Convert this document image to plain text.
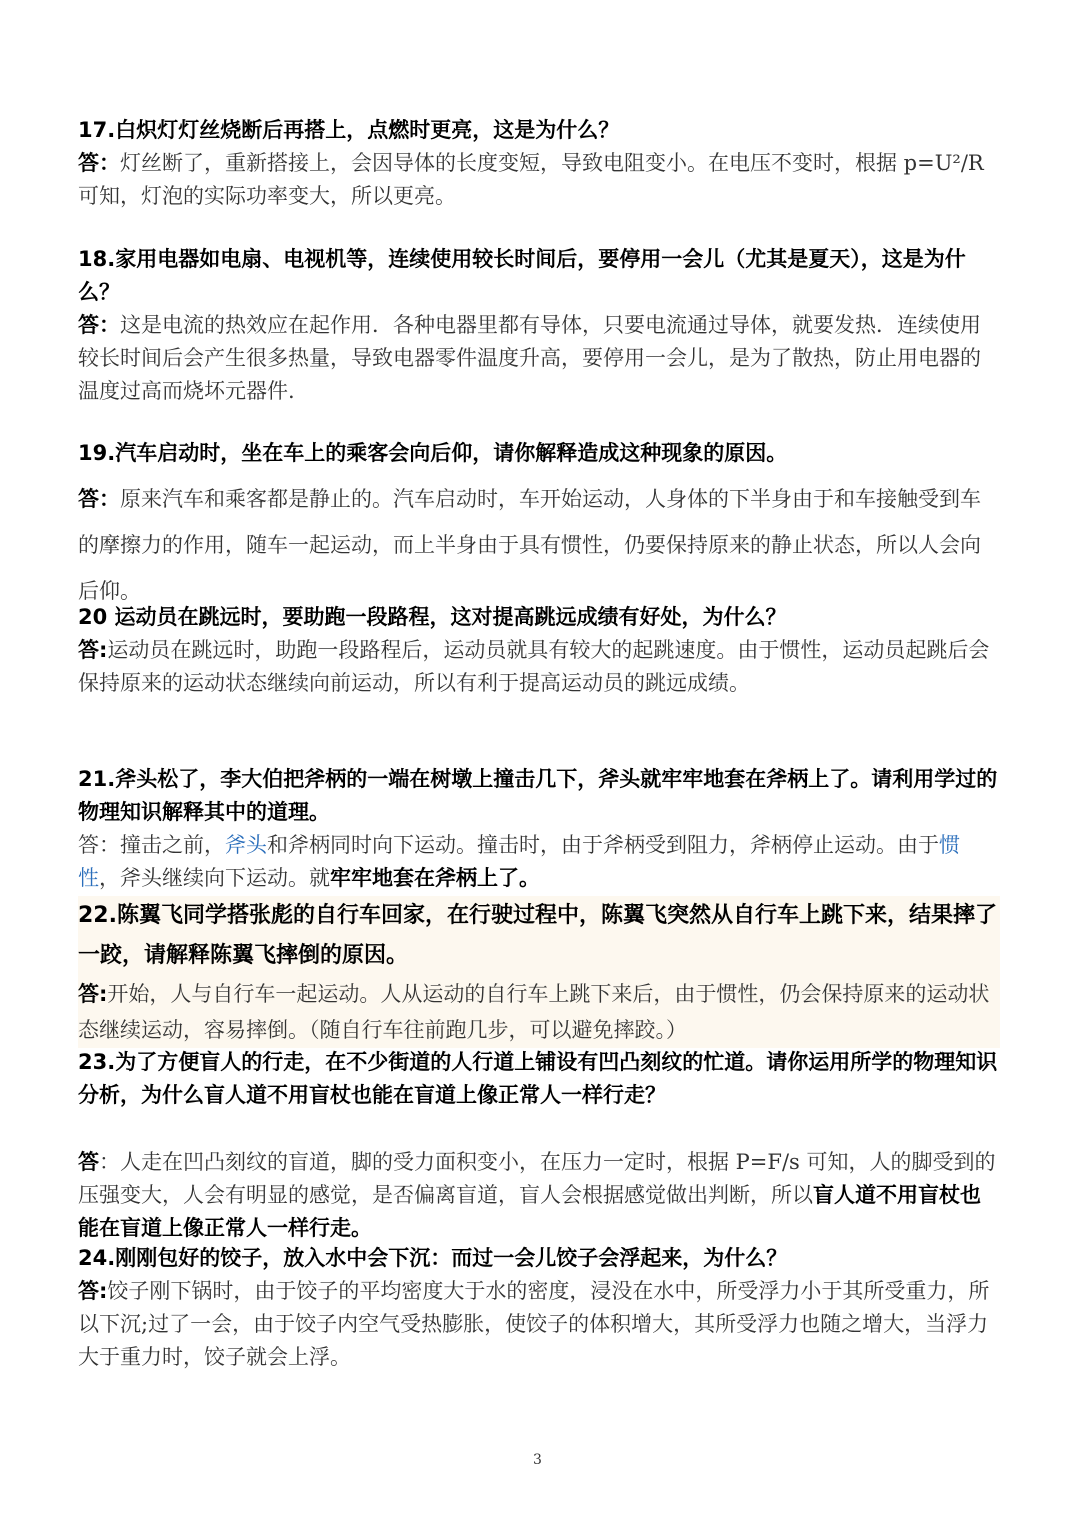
17.白炽灯灯丝烧断后再搭上，点燃时更亮，这是为什么？

答：灯丝断了，重新搭接上，会因导体的长度变短，导致电阻变小。在电压不变时，根据 p=U²/R 可知，灯泡的实际功率变大，所以更亮。

18.家用电器如电扇、电视机等，连续使用较长时间后，要停用一会儿（尤其是夏天），这是为什么？

答：这是电流的热效应在起作用．各种电器里都有导体，只要电流通过导体，就要发热．连续使用较长时间后会产生很多热量，导致电器零件温度升高，要停用一会儿，是为了散热，防止用电器的温度过高而烧坏元器件.

19.汽车启动时，坐在车上的乘客会向后仰，请你解释造成这种现象的原因。

答：原来汽车和乘客都是静止的。汽车启动时，车开始运动，人身体的下半身由于和车接触受到车的摩擦力的作用，随车一起运动，而上半身由于具有惯性，仍要保持原来的静止状态，所以人会向后仰。

20 运动员在跳远时，要助跑一段路程，这对提高跳远成绩有好处，为什么？

答:运动员在跳远时，助跑一段路程后，运动员就具有较大的起跳速度。由于惯性，运动员起跳后会保持原来的运动状态继续向前运动，所以有利于提高运动员的跳远成绩。

21.斧头松了，李大伯把斧柄的一端在树墩上撞击几下，斧头就牢牢地套在斧柄上了。请利用学过的物理知识解释其中的道理。

答：撞击之前，斧头和斧柄同时向下运动。撞击时，由于斧柄受到阻力，斧柄停止运动。由于惯性，斧头继续向下运动。就牢牢地套在斧柄上了。

22.陈翼飞同学搭张彪的自行车回家，在行驶过程中，陈翼飞突然从自行车上跳下来，结果摔了一跤，请解释陈翼飞摔倒的原因。

答:开始，人与自行车一起运动。人从运动的自行车上跳下来后，由于惯性，仍会保持原来的运动状态继续运动，容易摔倒。（随自行车往前跑几步，可以避免摔跤。）

23.为了方便盲人的行走，在不少街道的人行道上铺设有凹凸刻纹的忙道。请你运用所学的物理知识分析，为什么盲人道不用盲杖也能在盲道上像正常人一样行走？

答：人走在凹凸刻纹的盲道，脚的受力面积变小，在压力一定时，根据 P=F/s 可知，人的脚受到的压强变大，人会有明显的感觉，是否偏离盲道，盲人会根据感觉做出判断，所以盲人道不用盲杖也能在盲道上像正常人一样行走。

24.刚刚包好的饺子，放入水中会下沉：而过一会儿饺子会浮起来，为什么？

答:饺子刚下锅时，由于饺子的平均密度大于水的密度，浸没在水中，所受浮力小于其所受重力，所以下沉;过了一会，由于饺子内空气受热膨胀，使饺子的体积增大，其所受浮力也随之增大，当浮力大于重力时，饺子就会上浮。

3
